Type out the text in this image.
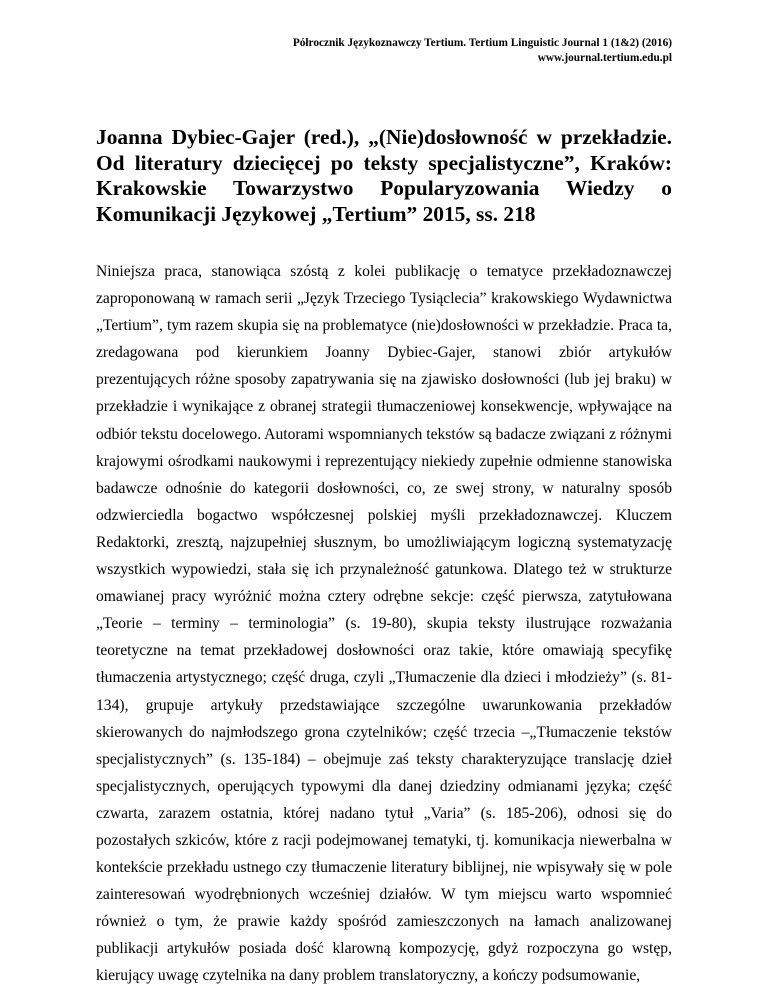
Półrocznik Językoznawczy Tertium. Tertium Linguistic Journal 1 (1&2) (2016)
www.journal.tertium.edu.pl
Joanna Dybiec-Gajer (red.), „(Nie)dosłowność w przekładzie. Od literatury dziecięcej po teksty specjalistyczne”, Kraków: Krakowskie Towarzystwo Popularyzowania Wiedzy o Komunikacji Językowej „Tertium” 2015, ss. 218

Niniejsza praca, stanowiąca szóstą z kolei publikację o tematyce przekładoznawczej zaproponowaną w ramach serii „Język Trzeciego Tysiąclecia” krakowskiego Wydawnictwa „Tertium”, tym razem skupia się na problematyce (nie)dosłowności w przekładzie. Praca ta, zredagowana pod kierunkiem Joanny Dybiec-Gajer, stanowi zbiór artykułów prezentujących różne sposoby zapatrywania się na zjawisko dosłowności (lub jej braku) w przekładzie i wynikające z obranej strategii tłumaczeniowej konsekwencje, wpływające na odbiór tekstu docelowego. Autorami wspomnianych tekstów są badacze związani z różnymi krajowymi ośrodkami naukowymi i reprezentujący niekiedy zupełnie odmienne stanowiska badawcze odnośnie do kategorii dosłowności, co, ze swej strony, w naturalny sposób odzwierciedla bogactwo współczesnej polskiej myśli przekładoznawczej. Kluczem Redaktorki, zresztą, najzupełniej słusznym, bo umożliwiającym logiczną systematyzację wszystkich wypowiedzi, stała się ich przynależność gatunkowa. Dlatego też w strukturze omawianej pracy wyróżnić można cztery odrębne sekcje: część pierwsza, zatytułowana „Teorie – terminy – terminologia” (s. 19-80), skupia teksty ilustrujące rozważania teoretyczne na temat przekładowej dosłowności oraz takie, które omawiają specyfikę tłumaczenia artystycznego; część druga, czyli „Tłumaczenie dla dzieci i młodzieży” (s. 81-134), grupuje artykuły przedstawiające szczególne uwarunkowania przekładów skierowanych do najmłodszego grona czytelników; część trzecia –„Tłumaczenie tekstów specjalistycznych” (s. 135-184) – obejmuje zaś teksty charakteryzujące translację dzieł specjalistycznych, operujących typowymi dla danej dziedziny odmianami języka; część czwarta, zarazem ostatnia, której nadano tytuł „Varia” (s. 185-206), odnosi się do pozostałych szkiców, które z racji podejmowanej tematyki, tj. komunikacja niewerbalna w kontekście przekładu ustnego czy tłumaczenie literatury biblijnej, nie wpisywały się w pole zainteresowań wyodrębnionych wcześniej działów. W tym miejscu warto wspomnieć również o tym, że prawie każdy spośród zamieszczonych na łamach analizowanej publikacji artykułów posiada dość klarowną kompozycję, gdyż rozpoczyna go wstęp, kierujący uwagę czytelnika na dany problem translatoryczny, a kończy podsumowanie,
